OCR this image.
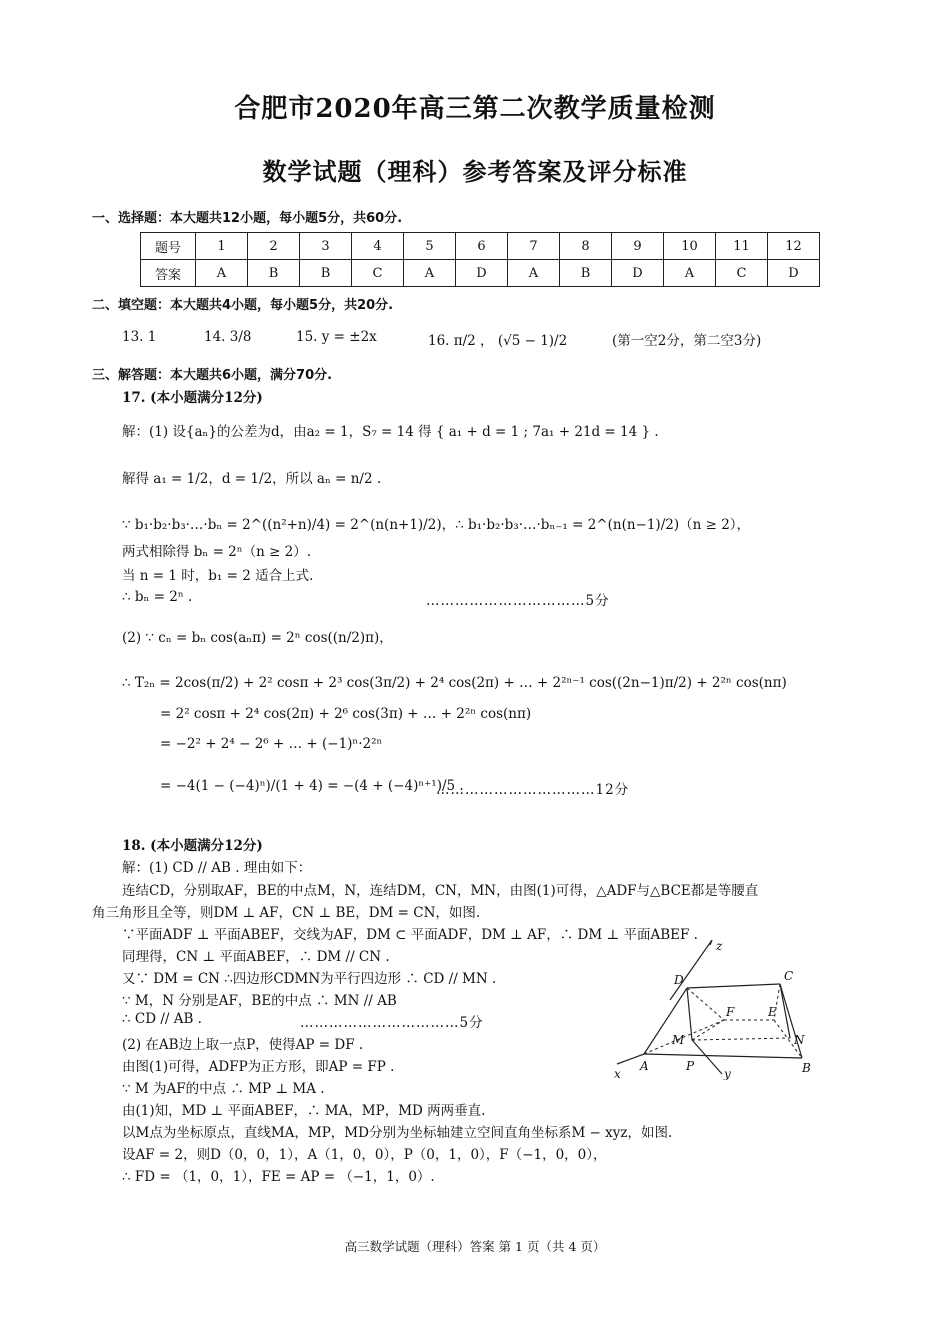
合肥市2020年高三第二次教学质量检测
数学试题（理科）参考答案及评分标准
一、选择题：本大题共12小题，每小题5分，共60分.
题号	1	2	3	4	5	6	7	8	9	10	11	12
答案	A	B	B	C	A	D	A	B	D	A	C	D
二、填空题：本大题共4小题，每小题5分，共20分.
13. 1	14. 3/8	15. y = ±2x	16. π/2 ， (√5 − 1)/2	(第一空2分，第二空3分)
三、解答题：本大题共6小题，满分70分.
17. (本小题满分12分)
解：(1) 设{aₙ}的公差为d，由a₂ = 1，S₇ = 14 得 { a₁ + d = 1 ; 7a₁ + 21d = 14 } .
解得 a₁ = 1/2，d = 1/2，所以 aₙ = n/2 .
∵ b₁·b₂·b₃·…·bₙ = 2^((n²+n)/4) = 2^(n(n+1)/2)，∴ b₁·b₂·b₃·…·bₙ₋₁ = 2^(n(n−1)/2)（n ≥ 2），
两式相除得 bₙ = 2ⁿ（n ≥ 2）.
当 n = 1 时，b₁ = 2 适合上式.
∴ bₙ = 2ⁿ .	……………………………5分
(2) ∵ cₙ = bₙ cos(aₙπ) = 2ⁿ cos((n/2)π)，
∴ T₂ₙ = 2cos(π/2) + 2² cosπ + 2³ cos(3π/2) + 2⁴ cos(2π) + … + 2²ⁿ⁻¹ cos((2n−1)π/2) + 2²ⁿ cos(nπ)
= 2² cosπ + 2⁴ cos(2π) + 2⁶ cos(3π) + … + 2²ⁿ cos(nπ)
= −2² + 2⁴ − 2⁶ + … + (−1)ⁿ·2²ⁿ
= −4(1 − (−4)ⁿ)/(1 + 4) = −(4 + (−4)ⁿ⁺¹)/5 .
……………………………12分
18. (本小题满分12分)
解：(1) CD // AB . 理由如下：
连结CD，分别取AF，BE的中点M，N，连结DM，CN，MN，由图(1)可得，△ADF与△BCE都是等腰直
角三角形且全等，则DM ⊥ AF，CN ⊥ BE，DM = CN，如图.
∵平面ADF ⊥ 平面ABEF，交线为AF，DM ⊂ 平面ADF，DM ⊥ AF，∴ DM ⊥ 平面ABEF .
同理得，CN ⊥ 平面ABEF，∴ DM // CN .
又∵ DM = CN ∴四边形CDMN为平行四边形 ∴ CD // MN .
∵ M，N 分别是AF，BE的中点 ∴ MN // AB
∴ CD // AB .	……………………………5分
(2) 在AB边上取一点P，使得AP = DF .
由图(1)可得，ADFP为正方形，即AP = FP .
∵ M 为AF的中点 ∴ MP ⊥ MA .
由(1)知，MD ⊥ 平面ABEF，∴ MA，MP，MD 两两垂直.
以M点为坐标原点，直线MA，MP，MD分别为坐标轴建立空间直角坐标系M − xyz，如图.
设AF = 2，则D（0，0，1），A（1，0，0），P（0，1，0），F（−1，0，0），
∴ FD = （1，0，1），FE = AP = （−1，1，0）.
z
D	C
F	E
M	N
x
A	P
y	B
高三数学试题（理科）答案 第 1 页（共 4 页）
